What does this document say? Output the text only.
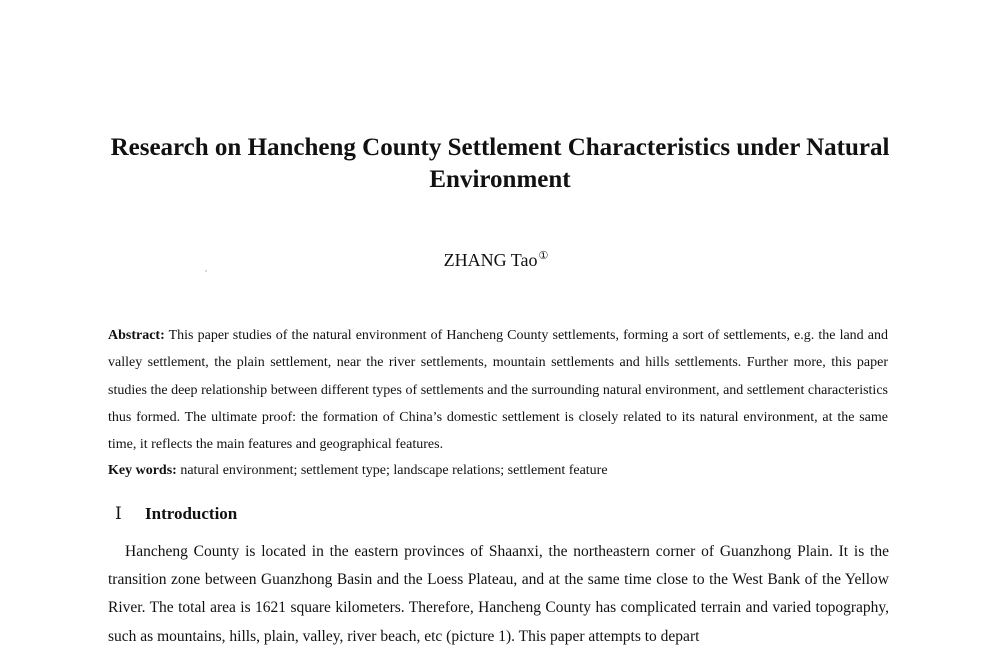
Research on Hancheng County Settlement Characteristics under Natural Environment
ZHANG Tao①
Abstract: This paper studies of the natural environment of Hancheng County settlements, forming a sort of settlements, e.g. the land and valley settlement, the plain settlement, near the river settlements, mountain settlements and hills settlements. Further more, this paper studies the deep relationship between different types of settlements and the surrounding natural environment, and settlement characteristics thus formed. The ultimate proof: the formation of China’s domestic settlement is closely related to its natural environment, at the same time, it reflects the main features and geographical features.
Key words: natural environment; settlement type; landscape relations; settlement feature
Ⅰ Introduction
Hancheng County is located in the eastern provinces of Shaanxi, the northeastern corner of Guanzhong Plain. It is the transition zone between Guanzhong Basin and the Loess Plateau, and at the same time close to the West Bank of the Yellow River. The total area is 1621 square kilometers. Therefore, Hancheng County has complicated terrain and varied topography, such as mountains, hills, plain, valley, river beach, etc (picture 1). This paper attempts to depart
